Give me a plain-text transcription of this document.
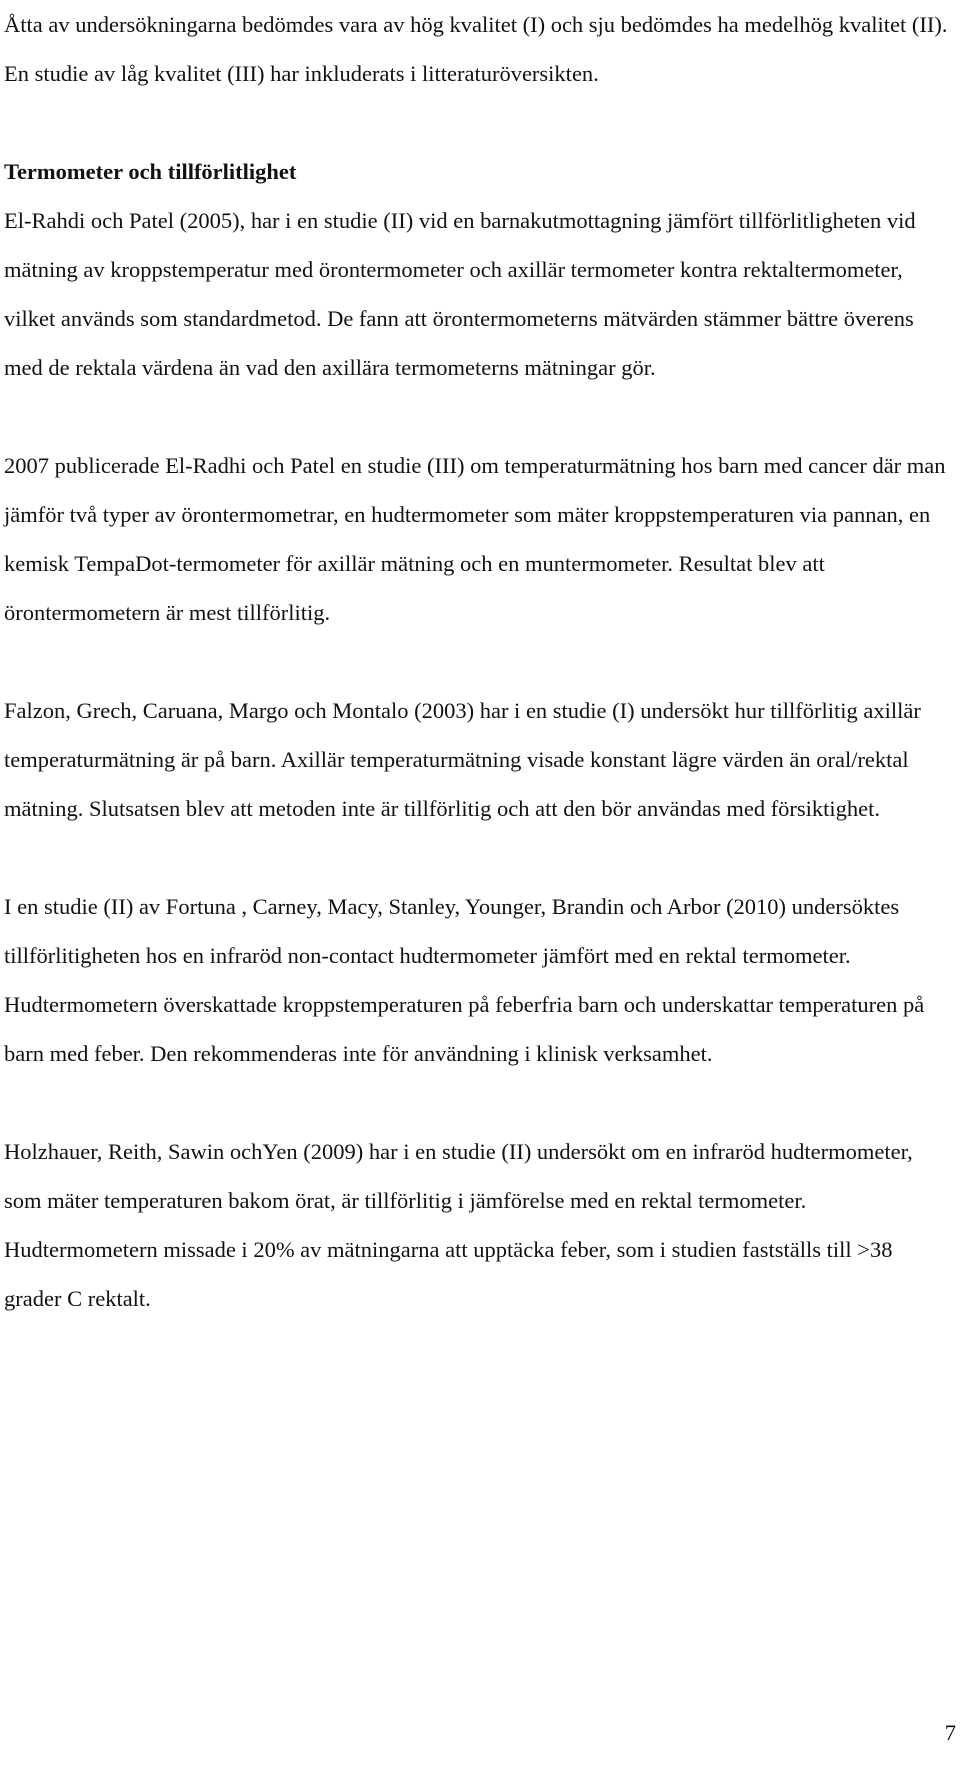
Åtta av undersökningarna bedömdes vara av hög kvalitet (I) och sju bedömdes ha medelhög kvalitet (II). En studie av låg kvalitet (III) har inkluderats i litteraturöversikten.

Termometer och tillförlitlighet

El-Rahdi och Patel (2005), har i en studie (II) vid en barnakutmottagning jämfört tillförlitligheten vid mätning av kroppstemperatur med örontermometer och axillär termometer kontra rektaltermometer, vilket används som standardmetod. De fann att örontermometerns mätvärden stämmer bättre överens med de rektala värdena än vad den axillära termometerns mätningar gör.

2007 publicerade El-Radhi och Patel en studie (III) om temperaturmätning hos barn med cancer där man jämför två typer av örontermometrar, en hudtermometer som mäter kroppstemperaturen via pannan, en kemisk TempaDot-termometer för axillär mätning och en muntermometer. Resultat blev att örontermometern är mest tillförlitig.

Falzon, Grech, Caruana, Margo och Montalo (2003) har i en studie (I) undersökt hur tillförlitig axillär temperaturmätning är på barn. Axillär temperaturmätning visade konstant lägre värden än oral/rektal mätning. Slutsatsen blev att metoden inte är tillförlitig och att den bör användas med försiktighet.

I en studie (II) av Fortuna , Carney, Macy, Stanley, Younger, Brandin och Arbor (2010) undersöktes tillförlitigheten hos en infraröd non-contact hudtermometer jämfört med en rektal termometer. Hudtermometern överskattade kroppstemperaturen på feberfria barn och underskattar temperaturen på barn med feber. Den rekommenderas inte för användning i klinisk verksamhet.

Holzhauer, Reith, Sawin ochYen (2009) har i en studie (II) undersökt om en infraröd hudtermometer, som mäter temperaturen bakom örat, är tillförlitig i jämförelse med en rektal termometer. Hudtermometern missade i 20% av mätningarna att upptäcka feber, som i studien fastställs till >38 grader C rektalt.

7
